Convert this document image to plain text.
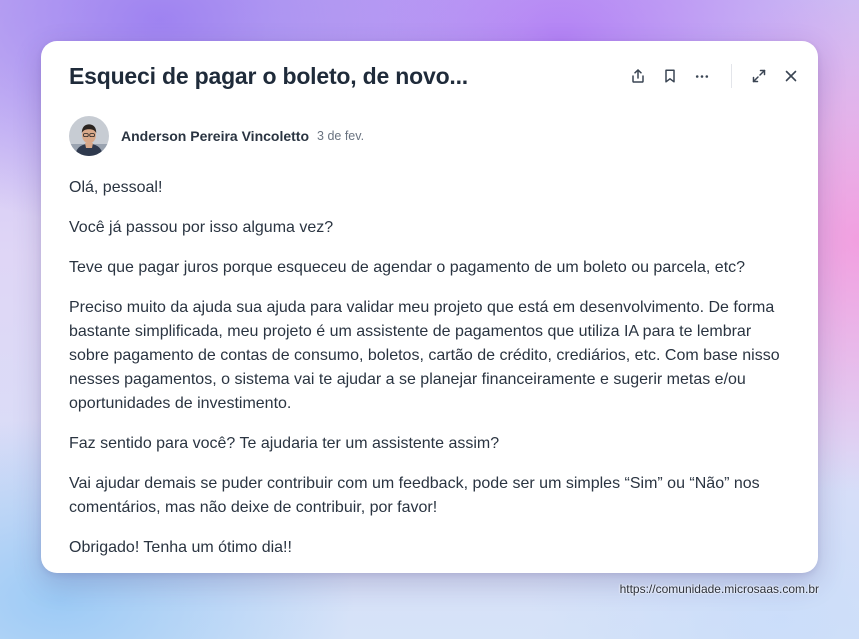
Esqueci de pagar o boleto, de novo...
Anderson Pereira Vincoletto 3 de fev.

Olá, pessoal!

Você já passou por isso alguma vez?

Teve que pagar juros porque esqueceu de agendar o pagamento de um boleto ou parcela, etc?

Preciso muito da ajuda sua ajuda para validar meu projeto que está em desenvolvimento. De forma bastante simplificada, meu projeto é um assistente de pagamentos que utiliza IA para te lembrar sobre pagamento de contas de consumo, boletos, cartão de crédito, crediários, etc. Com base nisso nesses pagamentos, o sistema vai te ajudar a se planejar financeiramente e sugerir metas e/ou oportunidades de investimento.

Faz sentido para você? Te ajudaria ter um assistente assim?

Vai ajudar demais se puder contribuir com um feedback, pode ser um simples “Sim” ou “Não” nos comentários, mas não deixe de contribuir, por favor!

Obrigado! Tenha um ótimo dia!!

https://comunidade.microsaas.com.br
